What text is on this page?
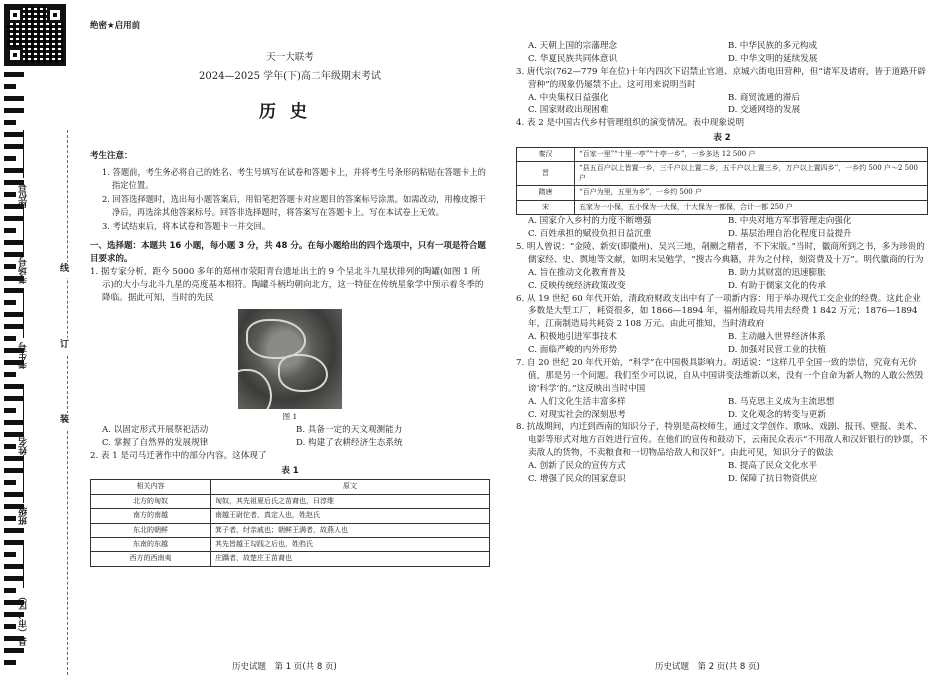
座位号
考场号
考生号
姓名
班级
县（市、区）
线
订
装
绝密★启用前
天一大联考
2024—2025 学年(下)高二年级期末考试
历史
考生注意：
1. 答题前，考生务必将自己的姓名、考生号填写在试卷和答题卡上，并将考生号条形码粘贴在答题卡上的指定位置。
2. 回答选择题时，选出每小题答案后，用铅笔把答题卡对应题目的答案标号涂黑。如需改动，用橡皮擦干净后，再选涂其他答案标号。回答非选择题时，将答案写在答题卡上。写在本试卷上无效。
3. 考试结束后，将本试卷和答题卡一并交回。
一、选择题：本题共 16 小题，每小题 3 分，共 48 分。在每小题给出的四个选项中，只有一项是符合题目要求的。
1. 据专家分析，距今 5000 多年的郑州市荥阳青台遗址出土的 9 个呈北斗九星状排列的陶罐(如图 1 所示)的大小与北斗九星的亮度基本相符。陶罐斗柄均朝向北方，这一特征在传统星象学中预示着冬季的降临。据此可知，当时的先民
图 1
A. 以固定形式开展祭祀活动	B. 具备一定的天文观测能力
C. 掌握了自然界的发展规律	D. 构建了农耕经济生态系统
2. 表 1 是司马迁著作中的部分内容。这体现了
表 1
相关内容	原文
北方的匈奴	匈奴，其先祖夏后氏之苗裔也，曰淳维
南方的南越	南越王尉佗者，真定人也，姓赵氏
东北的朝鲜	箕子者，纣亲戚也；朝鲜王满者，故燕人也
东南的东越	其先皆越王勾践之后也，姓驺氏
西方的西南夷	庄蹻者，故楚庄王苗裔也
历史试题　第 1 页(共 8 页)
A. 天朝上国的宗藩理念	B. 中华民族的多元构成
C. 华夏民族共同体意识	D. 中华文明的延续发展
3. 唐代宗(762—779 年在位)十年内四次下诏禁止官道、京城六街电田营种，但“诸军及诸府，皆于道路开辟营种”的现象仍屡禁不止。这可用来说明当时
A. 中央集权日益强化	B. 商贸流通的滞后
C. 国家财政出现困难	D. 交通网络的发展
4. 表 2 是中国古代乡村管理组织的演变情况。表中现象说明
表 2
秦汉	“百家一里”“十里一亭”“十亭一乡”，一乡多达 12 500 户
晋	“县五百户以上皆置一乡，三千户以上置二乡，五千户以上置三乡，万户以上置四乡”，一乡约 500 户～2 500 户
隋唐	“百户为里，五里为乡”，一乡约 500 户
宋	五家为一小保，五小保为一大保，十大保为一都保，合计一都 250 户
A. 国家介入乡村的力度不断增强	B. 中央对地方军事管理走向强化
C. 百姓承担的赋役负担日益沉重	D. 基层治理自治化程度日益提升
5. 明人曾说：“金陵、新安(即徽州)、吴兴三地，剞劂之精者，不下宋版。”当时，徽商所到之书，多为珍贵的儒家经、史、舆地等文献，如明末吴勉学，“搜古今典籍，并为之付梓，刻资费及十万”。明代徽商的行为
A. 旨在推动文化教育普及	B. 助力其财富的迅速膨胀
C. 反映传统经济政策改变	D. 有助于儒家文化的传承
6. 从 19 世纪 60 年代开始，清政府财政支出中有了一项新内容：用于举办现代工交企业的经费。这此企业多数是大型工厂，耗资很多，如 1866—1894 年，福州船政局共用去经费 1 842 万元；1876—1894 年，江南制造局共耗资 2 108 万元。由此可推知，当时清政府
A. 积极地引进军事技术	B. 主动融入世界经济体系
C. 面临严峻的内外形势	D. 加强对民营工业的扶植
7. 自 20 世纪 20 年代开始，“科学”在中国极具影响力。胡适说：“这样几乎全国一致的崇信，究竟有无价值，那是另一个问题。我们至少可以说，自从中国讲变法维新以来，没有一个自命为新人物的人敢公然毁谤‘科学’的。”这反映出当时中国
A. 人们文化生活丰富多样	B. 马克思主义成为主流思想
C. 对现实社会的深刻思考	D. 文化观念的转变与更新
8. 抗战期间，内迁到西南的知识分子，特别是高校师生，通过文学创作、歌咏、戏剧、报刊、壁报、美术、电影等形式对地方百姓进行宣传。在他们的宣传和鼓动下，云南民众表示“不用敌人和汉奸银行的钞票，不卖敌人的货物，不卖粮食和一切物品给敌人和汉奸”。由此可见，知识分子的做法
A. 创新了民众的宣传方式	B. 提高了民众文化水平
C. 增强了民众的国家意识	D. 保障了抗日物资供应
历史试题　第 2 页(共 8 页)
